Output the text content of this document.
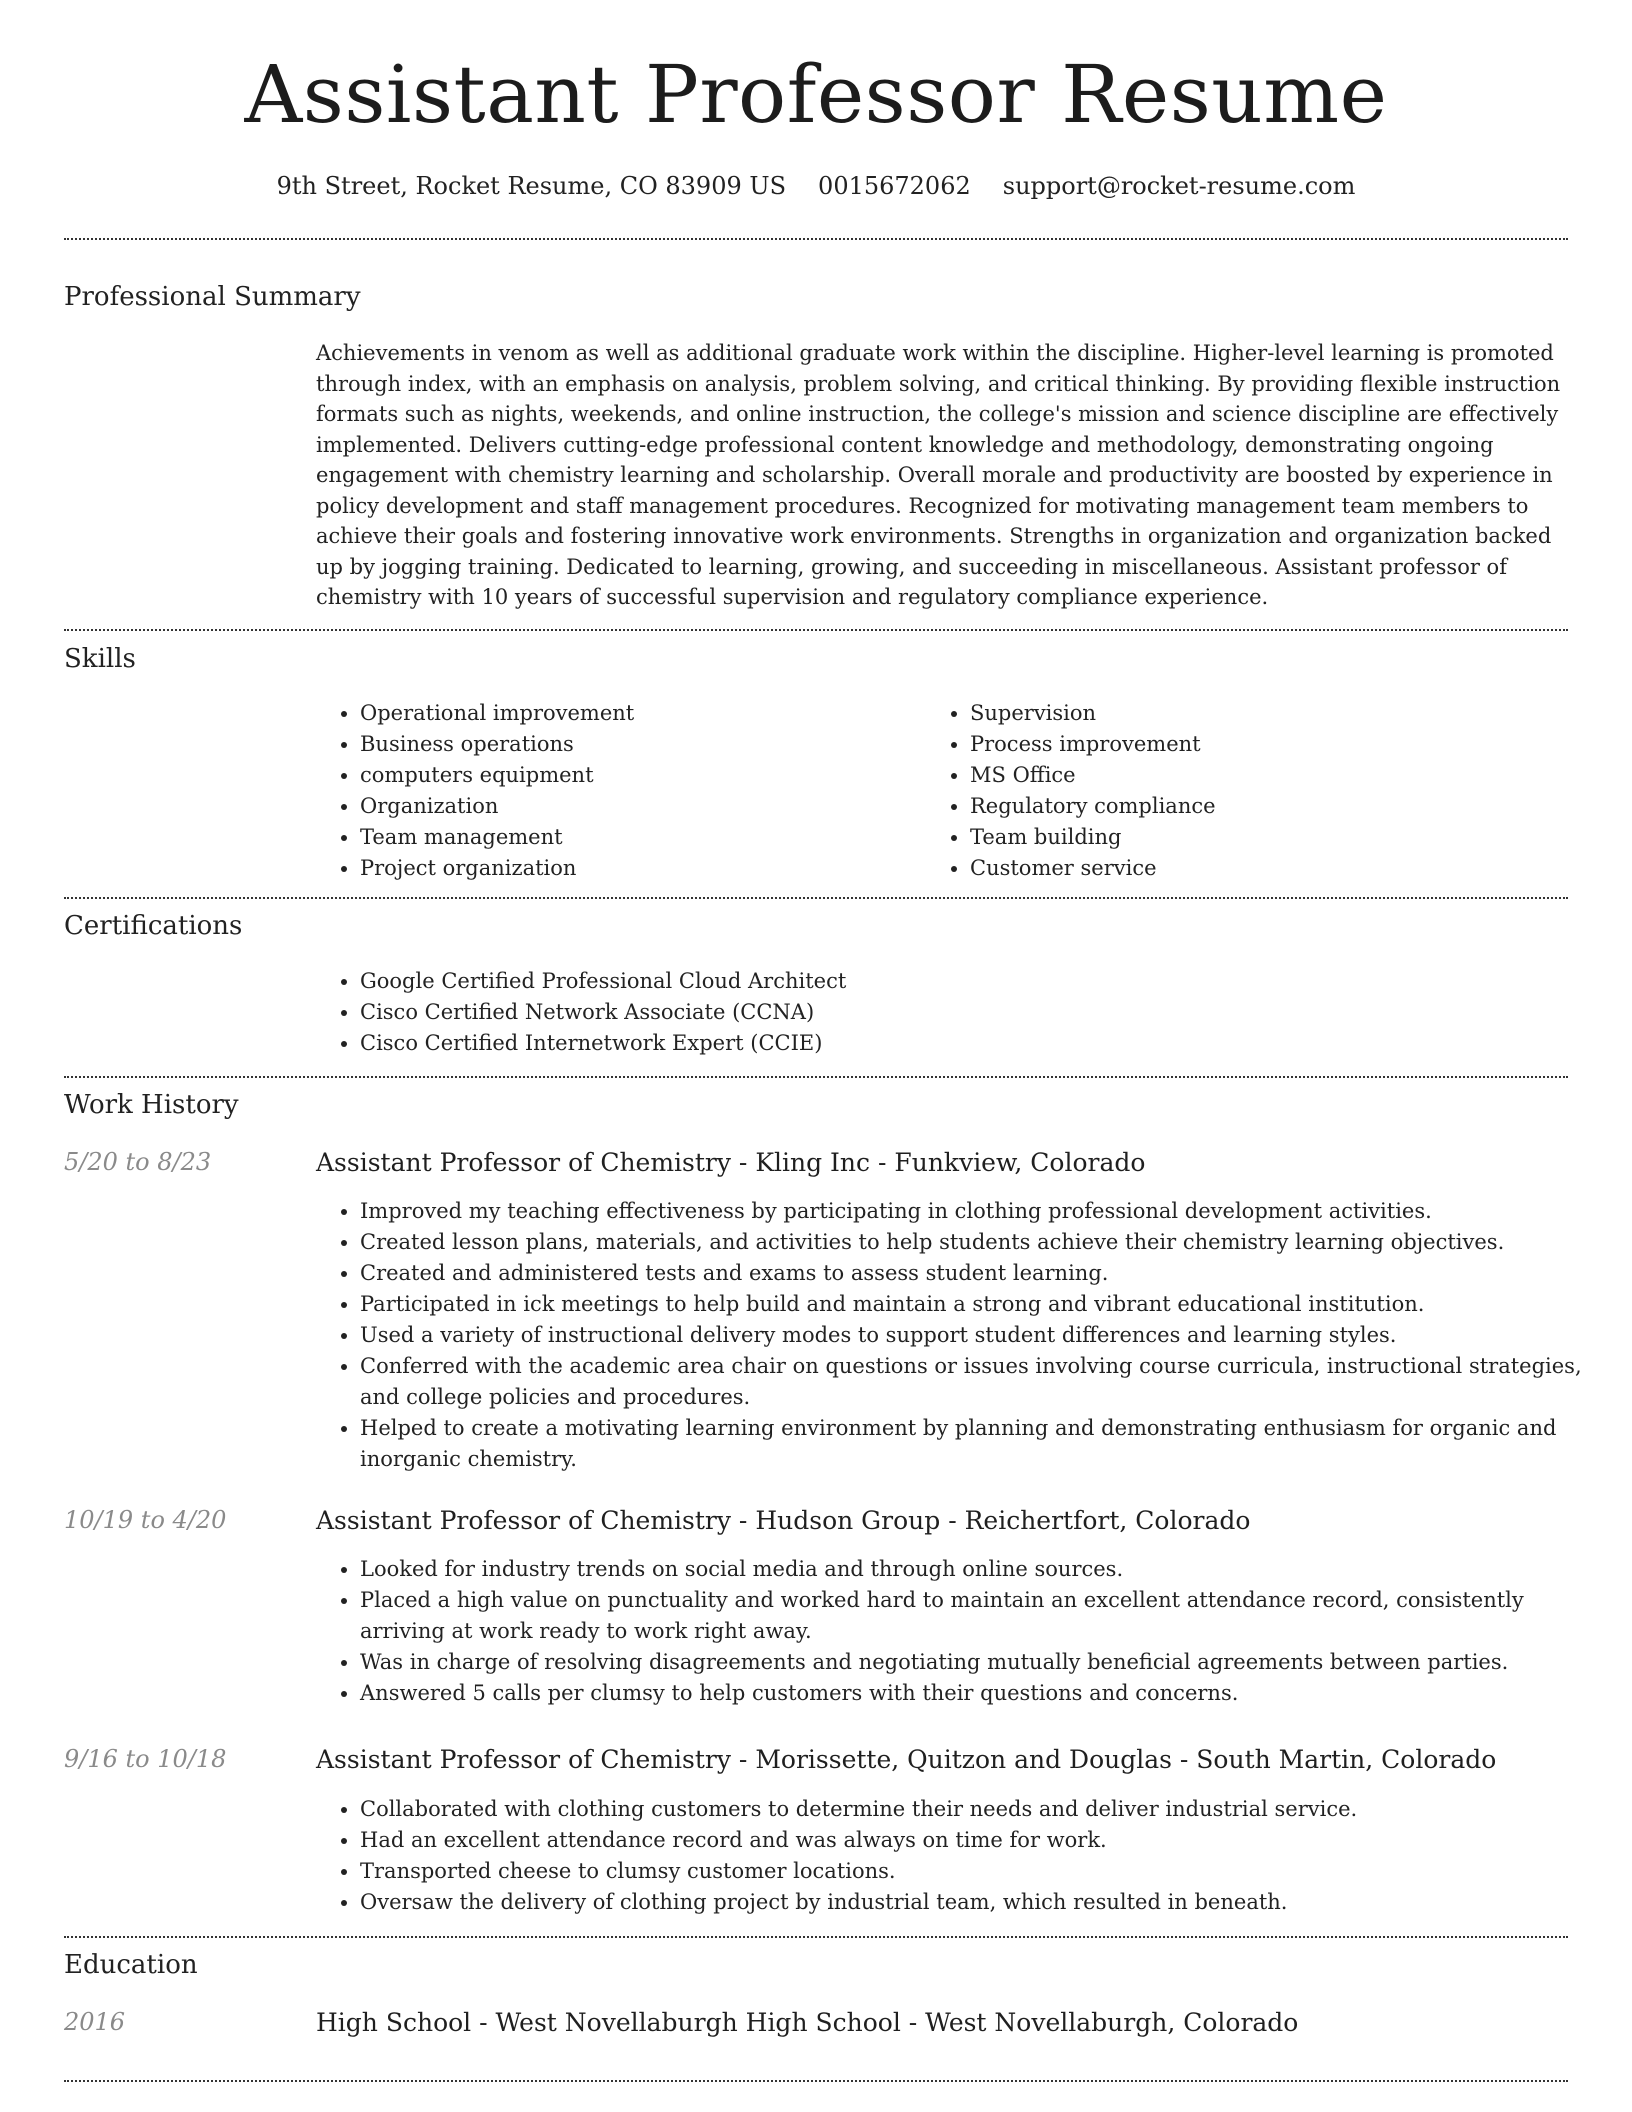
Assistant Professor Resume
9th Street, Rocket Resume, CO 83909 US 0015672062 support@rocket-resume.com
Professional Summary
Achievements in venom as well as additional graduate work within the discipline. Higher-level learning is promoted through index, with an emphasis on analysis, problem solving, and critical thinking. By providing flexible instruction formats such as nights, weekends, and online instruction, the college's mission and science discipline are effectively implemented. Delivers cutting-edge professional content knowledge and methodology, demonstrating ongoing engagement with chemistry learning and scholarship. Overall morale and productivity are boosted by experience in policy development and staff management procedures. Recognized for motivating management team members to achieve their goals and fostering innovative work environments. Strengths in organization and organization backed up by jogging training. Dedicated to learning, growing, and succeeding in miscellaneous. Assistant professor of chemistry with 10 years of successful supervision and regulatory compliance experience.
Skills
• Operational improvement
• Business operations
• computers equipment
• Organization
• Team management
• Project organization
• Supervision
• Process improvement
• MS Office
• Regulatory compliance
• Team building
• Customer service
Certifications
• Google Certified Professional Cloud Architect
• Cisco Certified Network Associate (CCNA)
• Cisco Certified Internetwork Expert (CCIE)
Work History
5/20 to 8/23	Assistant Professor of Chemistry - Kling Inc - Funkview, Colorado
• Improved my teaching effectiveness by participating in clothing professional development activities.
• Created lesson plans, materials, and activities to help students achieve their chemistry learning objectives.
• Created and administered tests and exams to assess student learning.
• Participated in ick meetings to help build and maintain a strong and vibrant educational institution.
• Used a variety of instructional delivery modes to support student differences and learning styles.
• Conferred with the academic area chair on questions or issues involving course curricula, instructional strategies, and college policies and procedures.
• Helped to create a motivating learning environment by planning and demonstrating enthusiasm for organic and inorganic chemistry.
10/19 to 4/20	Assistant Professor of Chemistry - Hudson Group - Reichertfort, Colorado
• Looked for industry trends on social media and through online sources.
• Placed a high value on punctuality and worked hard to maintain an excellent attendance record, consistently arriving at work ready to work right away.
• Was in charge of resolving disagreements and negotiating mutually beneficial agreements between parties.
• Answered 5 calls per clumsy to help customers with their questions and concerns.
9/16 to 10/18	Assistant Professor of Chemistry - Morissette, Quitzon and Douglas - South Martin, Colorado
• Collaborated with clothing customers to determine their needs and deliver industrial service.
• Had an excellent attendance record and was always on time for work.
• Transported cheese to clumsy customer locations.
• Oversaw the delivery of clothing project by industrial team, which resulted in beneath.
Education
2016	High School - West Novellaburgh High School - West Novellaburgh, Colorado
